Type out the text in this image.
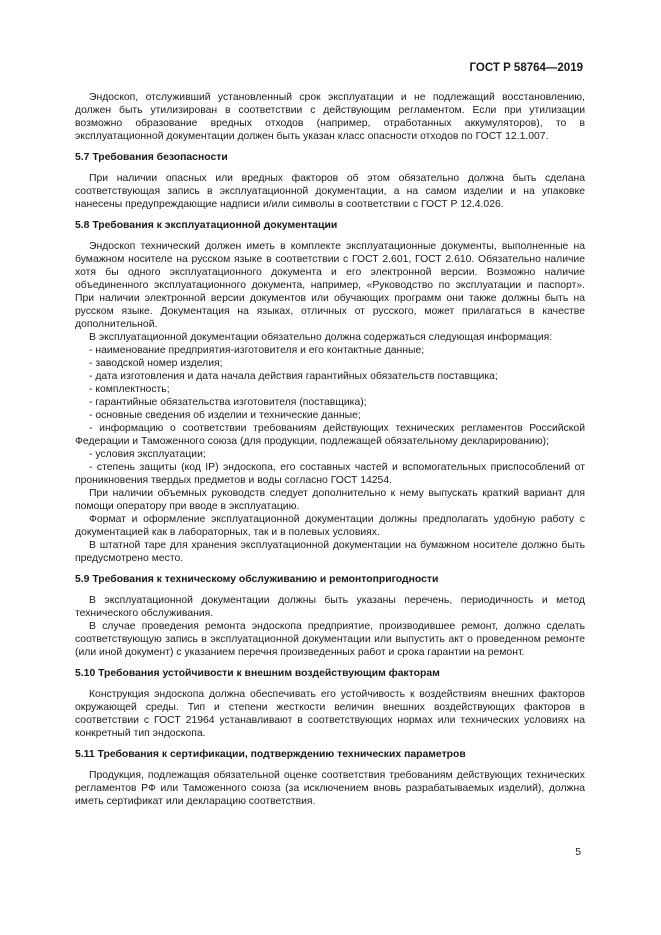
ГОСТ Р 58764—2019

Эндоскоп, отслуживший установленный срок эксплуатации и не подлежащий восстановлению, должен быть утилизирован в соответствии с действующим регламентом. Если при утилизации возможно образование вредных отходов (например, отработанных аккумуляторов), то в эксплуатационной документации должен быть указан класс опасности отходов по ГОСТ 12.1.007.

5.7 Требования безопасности

При наличии опасных или вредных факторов об этом обязательно должна быть сделана соответствующая запись в эксплуатационной документации, а на самом изделии и на упаковке нанесены предупреждающие надписи и/или символы в соответствии с ГОСТ Р 12.4.026.

5.8 Требования к эксплуатационной документации

Эндоскоп технический должен иметь в комплекте эксплуатационные документы, выполненные на бумажном носителе на русском языке в соответствии с ГОСТ 2.601, ГОСТ 2.610. Обязательно наличие хотя бы одного эксплуатационного документа и его электронной версии. Возможно наличие объединенного эксплуатационного документа, например, «Руководство по эксплуатации и паспорт». При наличии электронной версии документов или обучающих программ они также должны быть на русском языке. Документация на языках, отличных от русского, может прилагаться в качестве дополнительной.

В эксплуатационной документации обязательно должна содержаться следующая информация:

- наименование предприятия-изготовителя и его контактные данные;

- заводской номер изделия;

- дата изготовления и дата начала действия гарантийных обязательств поставщика;

- комплектность;

- гарантийные обязательства изготовителя (поставщика);

- основные сведения об изделии и технические данные;

- информацию о соответствии требованиям действующих технических регламентов Российской Федерации и Таможенного союза (для продукции, подлежащей обязательному декларированию);

- условия эксплуатации;

- степень защиты (код IP) эндоскопа, его составных частей и вспомогательных приспособлений от проникновения твердых предметов и воды согласно ГОСТ 14254.

При наличии объемных руководств следует дополнительно к нему выпускать краткий вариант для помощи оператору при вводе в эксплуатацию.

Формат и оформление эксплуатационной документации должны предполагать удобную работу с документацией как в лабораторных, так и в полевых условиях.

В штатной таре для хранения эксплуатационной документации на бумажном носителе должно быть предусмотрено место.

5.9 Требования к техническому обслуживанию и ремонтопригодности

В эксплуатационной документации должны быть указаны перечень, периодичность и метод технического обслуживания.

В случае проведения ремонта эндоскопа предприятие, производившее ремонт, должно сделать соответствующую запись в эксплуатационной документации или выпустить акт о проведенном ремонте (или иной документ) с указанием перечня произведенных работ и срока гарантии на ремонт.

5.10 Требования устойчивости к внешним воздействующим факторам

Конструкция эндоскопа должна обеспечивать его устойчивость к воздействиям внешних факторов окружающей среды. Тип и степени жесткости величин внешних воздействующих факторов в соответствии с ГОСТ 21964 устанавливают в соответствующих нормах или технических условиях на конкретный тип эндоскопа.

5.11 Требования к сертификации, подтверждению технических параметров

Продукция, подлежащая обязательной оценке соответствия требованиям действующих технических регламентов РФ или Таможенного союза (за исключением вновь разрабатываемых изделий), должна иметь сертификат или декларацию соответствия.

5
